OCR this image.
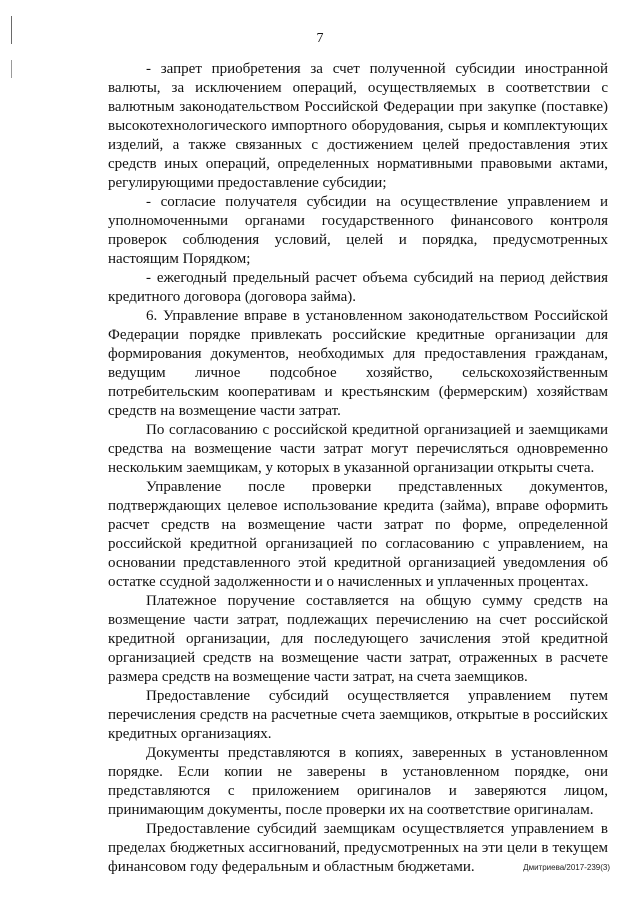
7

- запрет приобретения за счет полученной субсидии иностранной валюты, за исключением операций, осуществляемых в соответствии с валютным законодательством Российской Федерации при закупке (поставке) высокотехнологического импортного оборудования, сырья и комплектующих изделий, а также связанных с достижением целей предоставления этих средств иных операций, определенных нормативными правовыми актами, регулирующими предоставление субсидии;

- согласие получателя субсидии на осуществление управлением и уполномоченными органами государственного финансового контроля проверок соблюдения условий, целей и порядка, предусмотренных настоящим Порядком;

- ежегодный предельный расчет объема субсидий на период действия кредитного договора (договора займа).

6. Управление вправе в установленном законодательством Российской Федерации порядке привлекать российские кредитные организации для формирования документов, необходимых для предоставления гражданам, ведущим личное подсобное хозяйство, сельскохозяйственным потребительским кооперативам и крестьянским (фермерским) хозяйствам средств на возмещение части затрат.

По согласованию с российской кредитной организацией и заемщиками средства на возмещение части затрат могут перечисляться одновременно нескольким заемщикам, у которых в указанной организации открыты счета.

Управление после проверки представленных документов, подтверждающих целевое использование кредита (займа), вправе оформить расчет средств на возмещение части затрат по форме, определенной российской кредитной организацией по согласованию с управлением, на основании представленного этой кредитной организацией уведомления об остатке ссудной задолженности и о начисленных и уплаченных процентах.

Платежное поручение составляется на общую сумму средств на возмещение части затрат, подлежащих перечислению на счет российской кредитной организации, для последующего зачисления этой кредитной организацией средств на возмещение части затрат, отраженных в расчете размера средств на возмещение части затрат, на счета заемщиков.

Предоставление субсидий осуществляется управлением путем перечисления средств на расчетные счета заемщиков, открытые в российских кредитных организациях.

Документы представляются в копиях, заверенных в установленном порядке. Если копии не заверены в установленном порядке, они представляются с приложением оригиналов и заверяются лицом, принимающим документы, после проверки их на соответствие оригиналам.

Предоставление субсидий заемщикам осуществляется управлением в пределах бюджетных ассигнований, предусмотренных на эти цели в текущем финансовом году федеральным и областным бюджетами.	Дмитриева/2017-239(3)
